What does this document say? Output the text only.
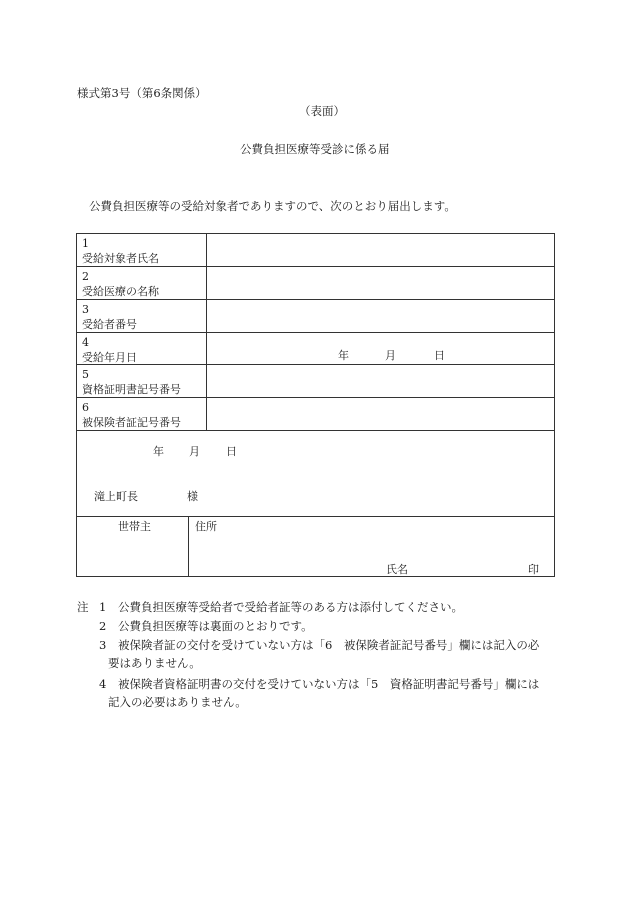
様式第3号（第6条関係）
（表面）
公費負担医療等受診に係る届
公費負担医療等の受給対象者でありますので、次のとおり届出します。
1
受給対象者氏名
2
受給医療の名称
3
受給者番号
4
受給年月日	年	月	日
5
資格証明書記号番号
6
被保険者証記号番号
年 月 日
滝上町長	様
世帯主	住所
氏名	印
注 1 公費負担医療等受給者で受給者証等のある方は添付してください。
2 公費負担医療等は裏面のとおりです。
3 被保険者証の交付を受けていない方は「6　被保険者証記号番号」欄には記入の必
要はありません。
4 被保険者資格証明書の交付を受けていない方は「5　資格証明書記号番号」欄には
記入の必要はありません。
